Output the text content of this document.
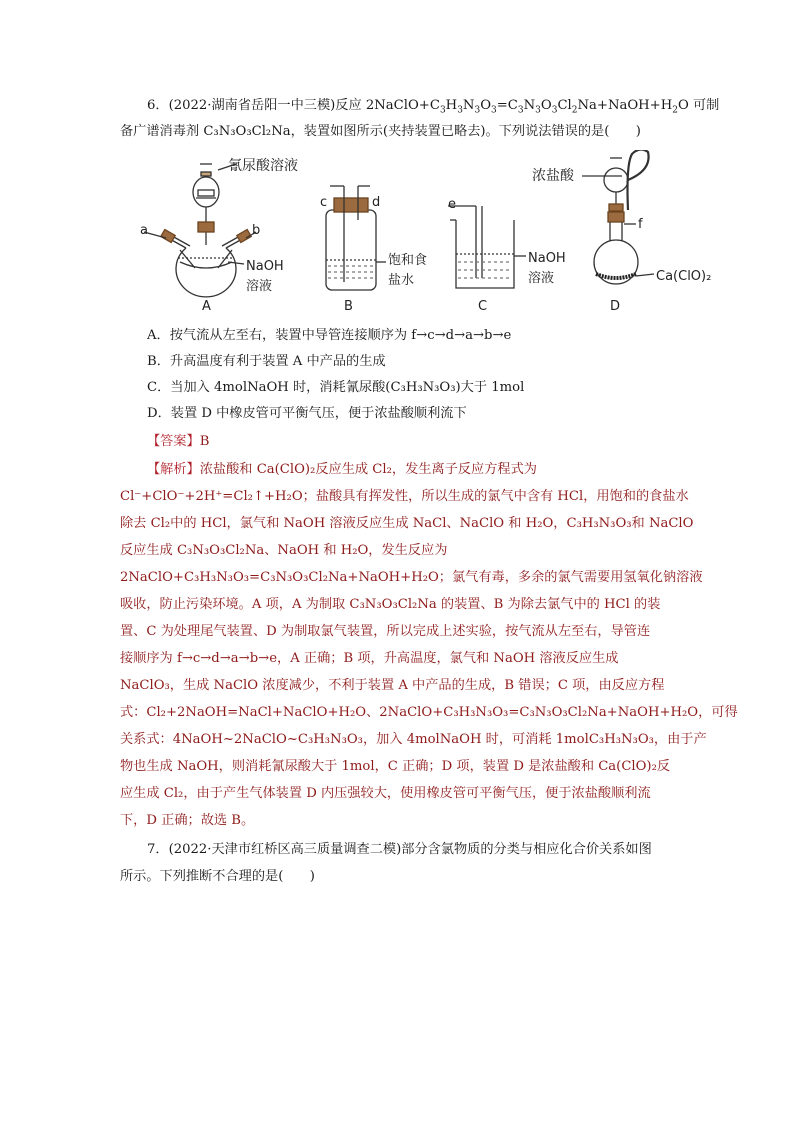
6．(2022·湖南省岳阳一中三模)反应 $2NaClO+C_3H_3N_3O_3=C_3N_3O_3Cl_2Na+NaOH+H_2O$ 可制
备广谱消毒剂 C₃N₃O₃Cl₂Na，装置如图所示(夹持装置已略去)。下列说法错误的是(　　)
氰尿酸溶液
a	b
NaOH
溶液
A
c	d
饱和食
盐水
B
e
NaOH
溶液
C
浓盐酸
f
Ca(ClO)₂
D
A．按气流从左至右，装置中导管连接顺序为 f→c→d→a→b→e
B．升高温度有利于装置 A 中产品的生成
C．当加入 4molNaOH 时，消耗氰尿酸(C₃H₃N₃O₃)大于 1mol
D．装置 D 中橡皮管可平衡气压，便于浓盐酸顺利流下
【答案】B
【解析】浓盐酸和 Ca(ClO)₂反应生成 Cl₂，发生离子反应方程式为
Cl⁻+ClO⁻+2H⁺=Cl₂↑+H₂O；盐酸具有挥发性，所以生成的氯气中含有 HCl，用饱和的食盐水
除去 Cl₂中的 HCl，氯气和 NaOH 溶液反应生成 NaCl、NaClO 和 H₂O，C₃H₃N₃O₃和 NaClO
反应生成 C₃N₃O₃Cl₂Na、NaOH 和 H₂O，发生反应为
2NaClO+C₃H₃N₃O₃=C₃N₃O₃Cl₂Na+NaOH+H₂O；氯气有毒，多余的氯气需要用氢氧化钠溶液
吸收，防止污染环境。A 项，A 为制取 C₃N₃O₃Cl₂Na 的装置、B 为除去氯气中的 HCl 的装
置、C 为处理尾气装置、D 为制取氯气装置，所以完成上述实验，按气流从左至右，导管连
接顺序为 f→c→d→a→b→e，A 正确；B 项，升高温度，氯气和 NaOH 溶液反应生成
NaClO₃，生成 NaClO 浓度减少，不利于装置 A 中产品的生成，B 错误；C 项，由反应方程
式：Cl₂+2NaOH=NaCl+NaClO+H₂O、2NaClO+C₃H₃N₃O₃=C₃N₃O₃Cl₂Na+NaOH+H₂O，可得
关系式：4NaOH~2NaClO~C₃H₃N₃O₃，加入 4molNaOH 时，可消耗 1molC₃H₃N₃O₃，由于产
物也生成 NaOH，则消耗氰尿酸大于 1mol，C 正确；D 项，装置 D 是浓盐酸和 Ca(ClO)₂反
应生成 Cl₂，由于产生气体装置 D 内压强较大，使用橡皮管可平衡气压，便于浓盐酸顺利流
下，D 正确；故选 B。
7．(2022·天津市红桥区高三质量调查二模)部分含氯物质的分类与相应化合价关系如图
所示。下列推断不合理的是(　　)
